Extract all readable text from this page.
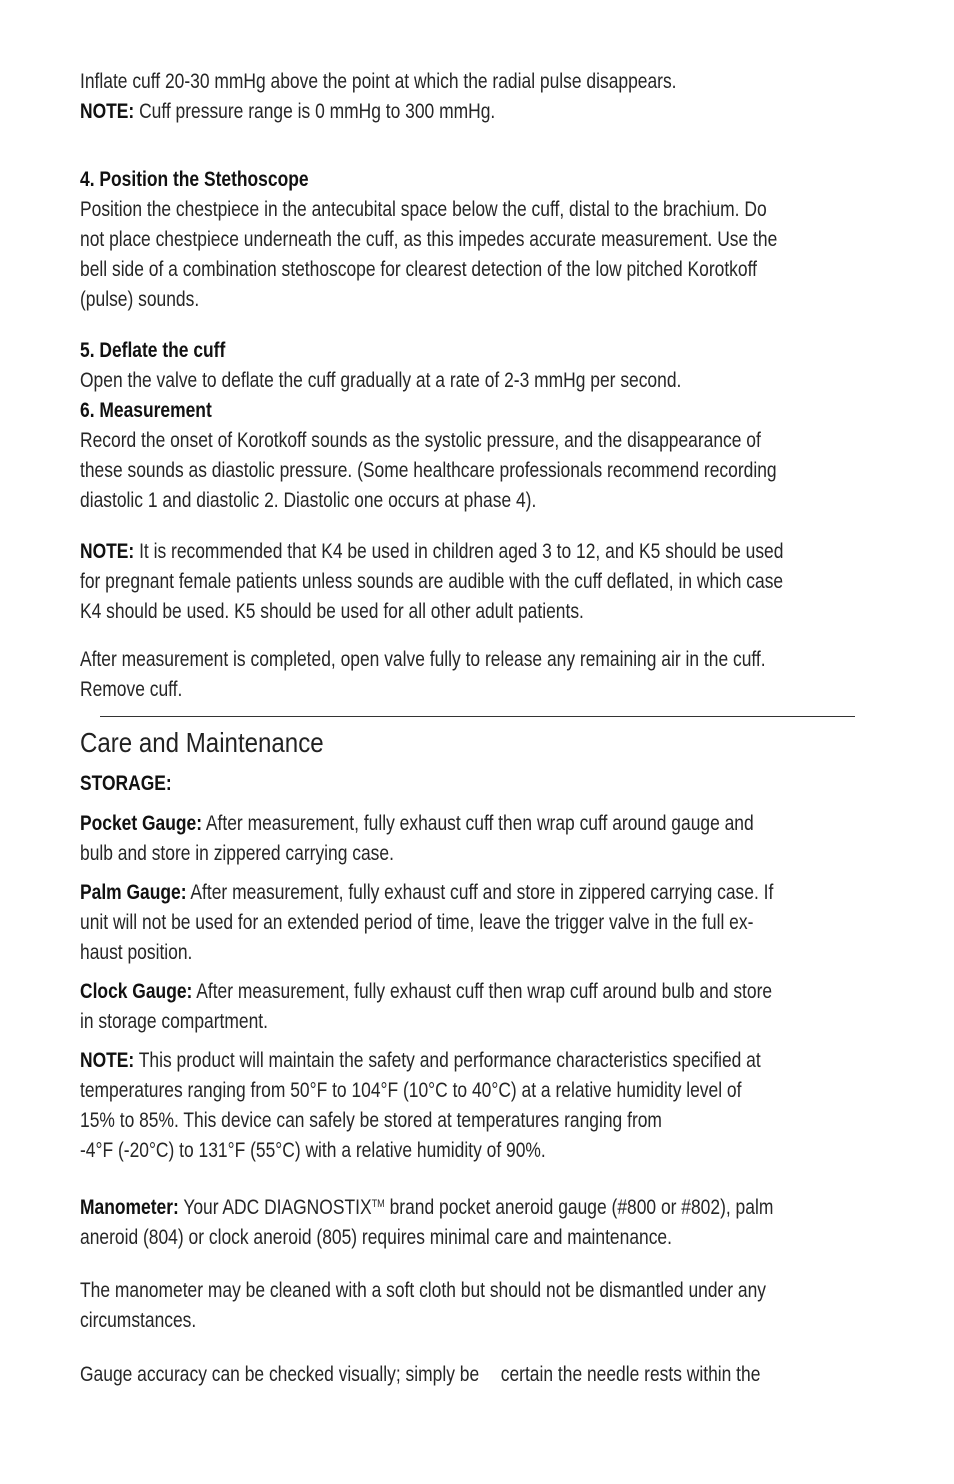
Inflate cuff 20-30 mmHg above the point at which the radial pulse disappears.
NOTE: Cuff pressure range is 0 mmHg to 300 mmHg.
4. Position the Stethoscope
Position the chestpiece in the antecubital space below the cuff, distal to the brachium. Do
not place chestpiece underneath the cuff, as this impedes accurate measurement. Use the
bell side of a combination stethoscope for clearest detection of the low pitched Korotkoff
(pulse) sounds.
5. Deflate the cuff
Open the valve to deflate the cuff gradually at a rate of 2-3 mmHg per second.
6. Measurement
Record the onset of Korotkoff sounds as the systolic pressure, and the disappearance of
these sounds as diastolic pressure. (Some healthcare professionals recommend recording
diastolic 1 and diastolic 2. Diastolic one occurs at phase 4).
NOTE: It is recommended that K4 be used in children aged 3 to 12, and K5 should be used
for pregnant female patients unless sounds are audible with the cuff deflated, in which case
K4 should be used. K5 should be used for all other adult patients.
After measurement is completed, open valve fully to release any remaining air in the cuff.
Remove cuff.
Care and Maintenance
STORAGE:
Pocket Gauge: After measurement, fully exhaust cuff then wrap cuff around gauge and
bulb and store in zippered carrying case.
Palm Gauge: After measurement, fully exhaust cuff and store in zippered carrying case. If
unit will not be used for an extended period of time, leave the trigger valve in the full ex-
haust position.
Clock Gauge: After measurement, fully exhaust cuff then wrap cuff around bulb and store
in storage compartment.
NOTE: This product will maintain the safety and performance characteristics specified at
temperatures ranging from 50°F to 104°F (10°C to 40°C) at a relative humidity level of
15% to 85%. This device can safely be stored at temperatures ranging from
-4°F (-20°C) to 131°F (55°C) with a relative humidity of 90%.
Manometer: Your ADC DIAGNOSTIX™ brand pocket aneroid gauge (#800 or #802), palm
aneroid (804) or clock aneroid (805) requires minimal care and maintenance.
The manometer may be cleaned with a soft cloth but should not be dismantled under any
circumstances.
Gauge accuracy can be checked visually; simply be certain the needle rests within the
